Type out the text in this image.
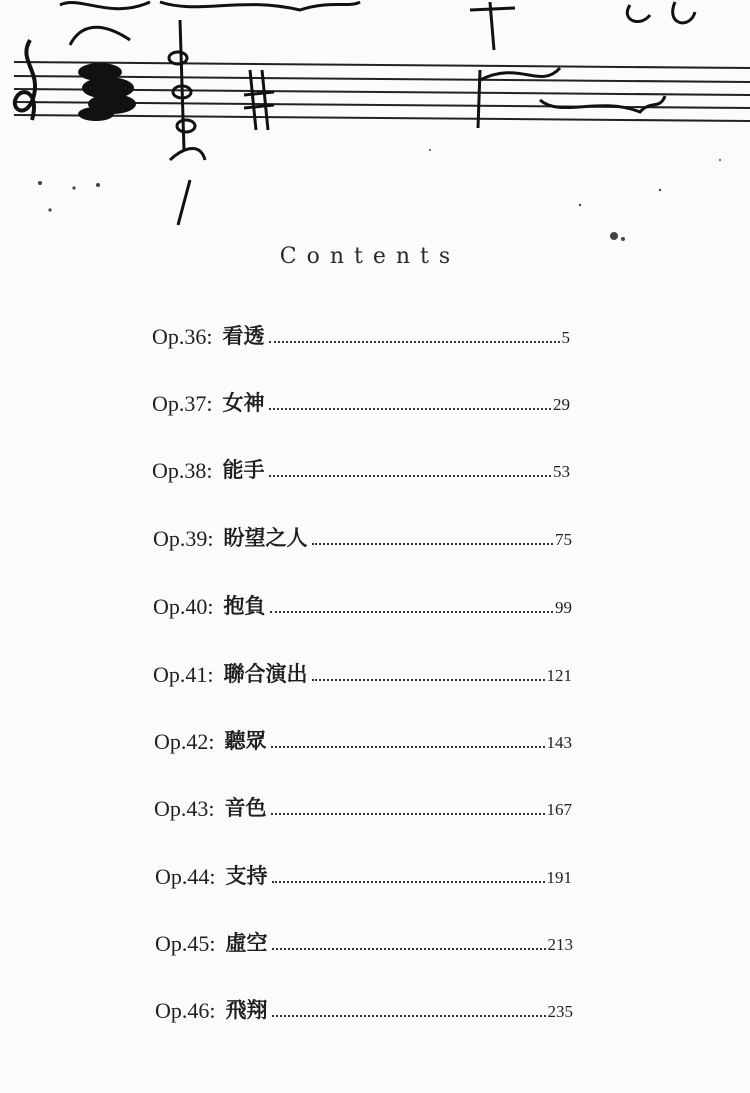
Contents
Op.36: 看透	5
Op.37: 女神	29
Op.38: 能手	53
Op.39: 盼望之人	75
Op.40: 抱負	99
Op.41: 聯合演出	121
Op.42: 聽眾	143
Op.43: 音色	167
Op.44: 支持	191
Op.45: 虛空	213
Op.46: 飛翔	235
